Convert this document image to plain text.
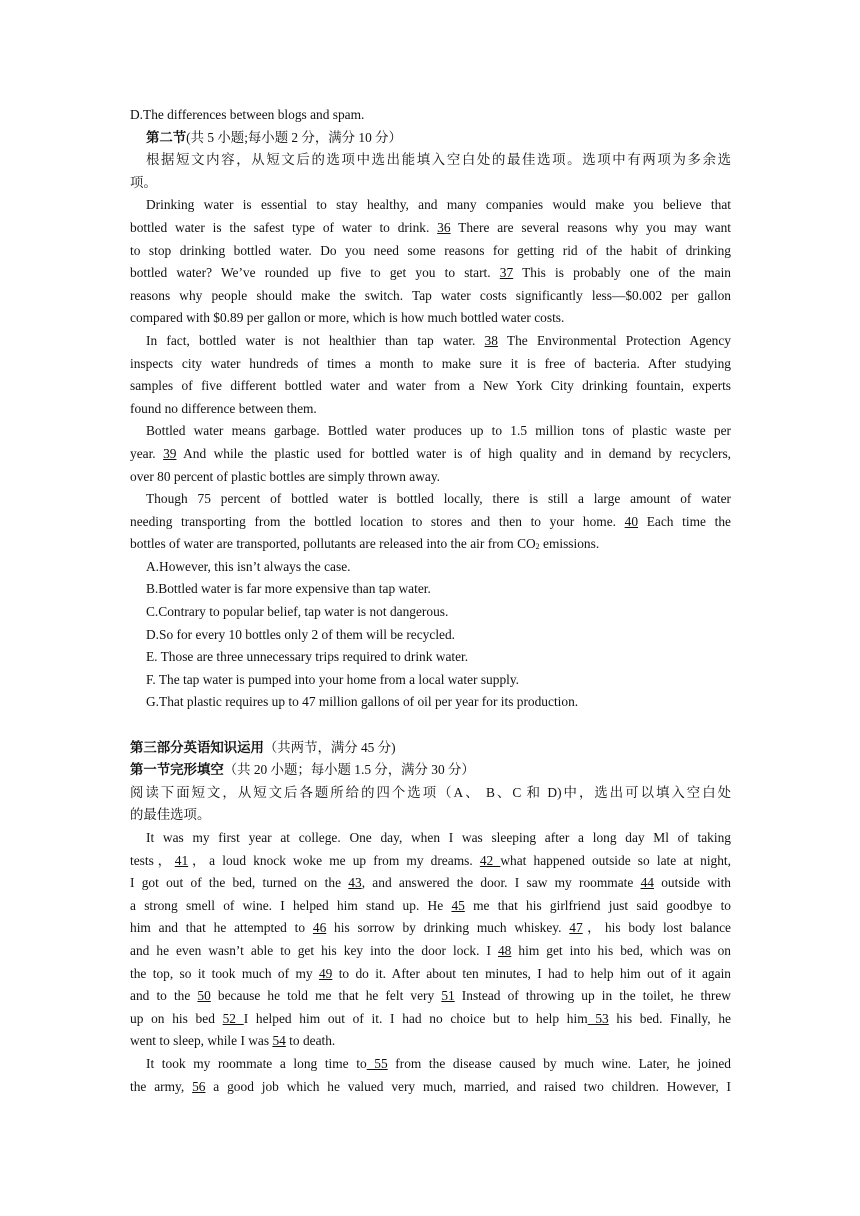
D.The differences between blogs and spam.
第二节(共 5 小题;每小题 2 分，满分 10 分）
根据短文内容，从短文后的选项中选出能填入空白处的最佳选项。选项中有两项为多余选
项。
Drinking water is essential to stay healthy, and many companies would make you believe that
bottled water is the safest type of water to drink. 36 There are several reasons why you may want
to stop drinking bottled water. Do you need some reasons for getting rid of the habit of drinking
bottled water? We’ve rounded up five to get you to start. 37 This is probably one of the main
reasons why people should make the switch. Tap water costs significantly less—$0.002 per gallon
compared with $0.89 per gallon or more, which is how much bottled water costs.
In fact, bottled water is not healthier than tap water. 38 The Environmental Protection Agency
inspects city water hundreds of times a month to make sure it is free of bacteria. After studying
samples of five different bottled water and water from a New York City drinking fountain, experts
found no difference between them.
Bottled water means garbage. Bottled water produces up to 1.5 million tons of plastic waste per
year. 39 And while the plastic used for bottled water is of high quality and in demand by recyclers,
over 80 percent of plastic bottles are simply thrown away.
Though 75 percent of bottled water is bottled locally, there is still a large amount of water
needing transporting from the bottled location to stores and then to your home. 40 Each time the
bottles of water are transported, pollutants are released into the air from $CO_2$ emissions.
A.However, this isn’t always the case.
B.Bottled water is far more expensive than tap water.
C.Contrary to popular belief, tap water is not dangerous.
D.So for every 10 bottles only 2 of them will be recycled.
E. Those are three unnecessary trips required to drink water.
F. The tap water is pumped into your home from a local water supply.
G.That plastic requires up to 47 million gallons of oil per year for its production.
第三部分英语知识运用（共两节，满分 45 分)
第一节完形填空（共 20 小题；每小题 1.5 分，满分 30 分）
阅读下面短文，从短文后各题所给的四个选项（A、 B、C 和 D)中，选出可以填入空白处
的最佳选项。
It was my first year at college. One day, when I was sleeping after a long day Ml of taking
tests，41，a loud knock woke me up from my dreams. 42 what happened outside so late at night,
I got out of the bed, turned on the 43, and answered the door. I saw my roommate 44 outside with
a strong smell of wine. I helped him stand up. He 45 me that his girlfriend just said goodbye to
him and that he attempted to 46 his sorrow by drinking much whiskey. 47，his body lost balance
and he even wasn’t able to get his key into the door lock. I 48 him get into his bed, which was on
the top, so it took much of my 49 to do it. After about ten minutes, I had to help him out of it again
and to the 50 because he told me that he felt very 51 Instead of throwing up in the toilet, he threw
up on his bed 52 I helped him out of it. I had no choice but to help him 53 his bed. Finally, he
went to sleep, while I was 54 to death.
It took my roommate a long time to 55 from the disease caused by much wine. Later, he joined
the army, 56 a good job which he valued very much, married, and raised two children. However, I
